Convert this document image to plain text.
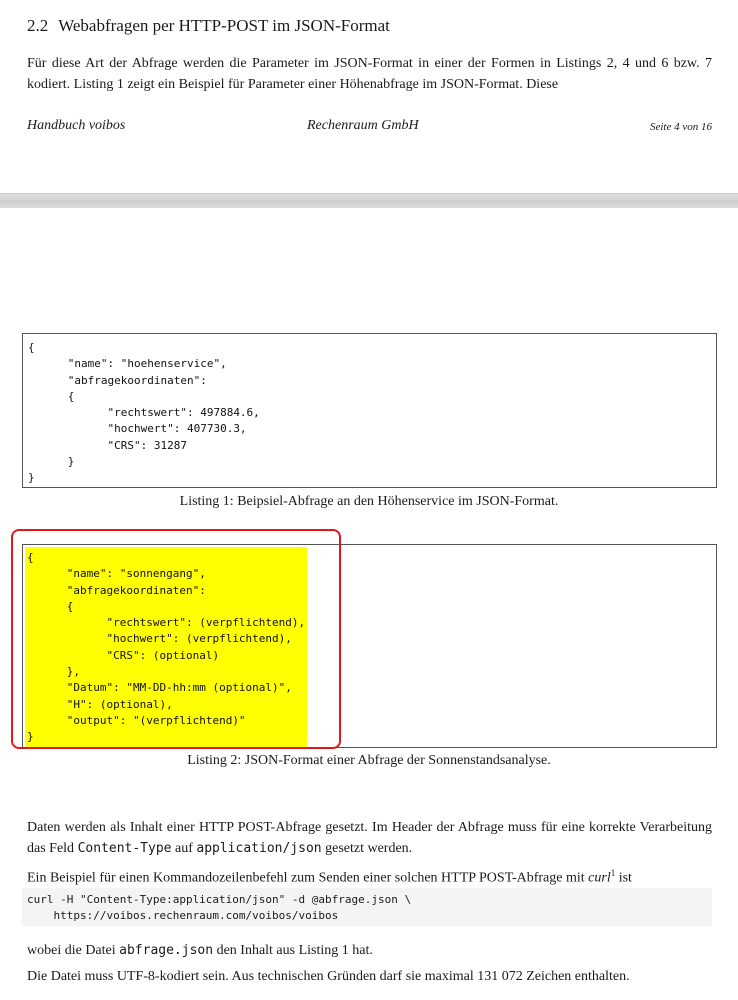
2.2 Webabfragen per HTTP-POST im JSON-Format
Für diese Art der Abfrage werden die Parameter im JSON-Format in einer der Formen in Listings 2, 4 und 6 bzw. 7 kodiert. Listing 1 zeigt ein Beispiel für Parameter einer Höhenabfrage im JSON-Format. Diese
Handbuch voibos	Rechenraum GmbH	Seite 4 von 16
{
	"name": "hoehenservice",
	"abfragekoordinaten":
	{
		"rechtswert": 497884.6,
		"hochwert": 407730.3,
		"CRS": 31287
	}
}
Listing 1: Beipsiel-Abfrage an den Höhenservice im JSON-Format.
{
	"name": "sonnengang",
	"abfragekoordinaten":
	{
		"rechtswert": (verpflichtend),
		"hochwert": (verpflichtend),
		"CRS": (optional)
	},
	"Datum": "MM-DD-hh:mm (optional)",
	"H": (optional),
	"output": "(verpflichtend)"
}
Listing 2: JSON-Format einer Abfrage der Sonnenstandsanalyse.
Daten werden als Inhalt einer HTTP POST-Abfrage gesetzt. Im Header der Abfrage muss für eine korrekte Verarbeitung das Feld Content-Type auf application/json gesetzt werden.
Ein Beispiel für einen Kommandozeilenbefehl zum Senden einer solchen HTTP POST-Abfrage mit curl$^1$ ist
curl -H "Content-Type:application/json" -d @abfrage.json \
https://voibos.rechenraum.com/voibos/voibos
wobei die Datei abfrage.json den Inhalt aus Listing 1 hat.
Die Datei muss UTF-8-kodiert sein. Aus technischen Gründen darf sie maximal 131 072 Zeichen enthalten.
